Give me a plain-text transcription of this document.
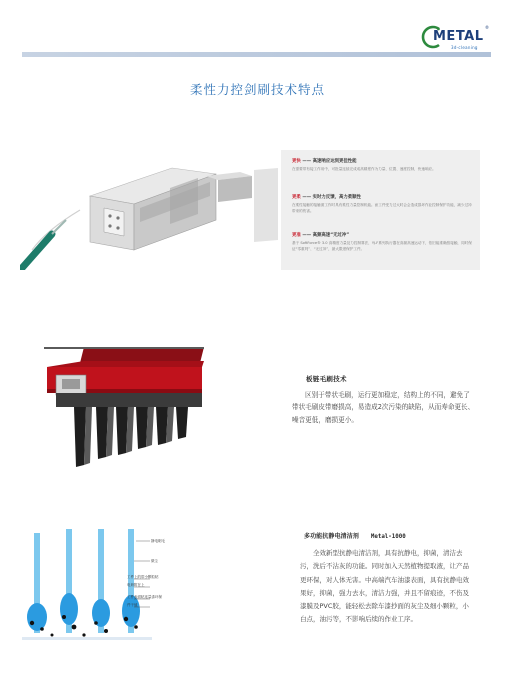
METAL
®
3d-cleaning
柔性力控剑刷技术特点
更快 —— 高速响应达到更佳性能
在需要带有接工作用中，可批量连续完成成高精度作为力量、位置、速度控制，快速响应。
更柔 —— 实时力反馈，高力柔顺性
在柔性接触的接触面工作时具有柔性力量控制机能。而工件受力过大时会会造成损坏作业控制保护功能，减少过冲带来的伤害。
更准 —— 高频高速“无过冲”
基于 SoftForce® 3.0 高精度力量及力控制算法，YJ-F系列执行器在高频高速运动下，依旧能准确按接触，同时保证“零重判”、“无过冲”，最大限度保护工件。
板链毛刷技术
区别于带状毛刷，运行更加稳定，结构上的不同，避免了带状毛刷皮带磨损高，易造成2次污染的缺陷，从而寿命更长、噪音更低，磨损更小。
静电刷毛
微尘
工件上的带小颗粒粘
电荷附在上
工件表面粘连量漆环保
件干值
多功能抗静电清洁剂 Metal-1000
全效新型抗静电清洁剂，具有抗静电，抑菌，清洁去污，洗后不沾灰的功能。同时加入天然植物提取液，让产品更环保，对人体无害。中高端汽车油漆表面，具有抗静电效果好，抑菌，强力去水，清洁力强，并且不留痕迹，不伤及漆膜及PVC胶，能轻松去除车漆抄面的灰尘及细小颗粒，小白点，油污等，不影响后续的作业工序。
